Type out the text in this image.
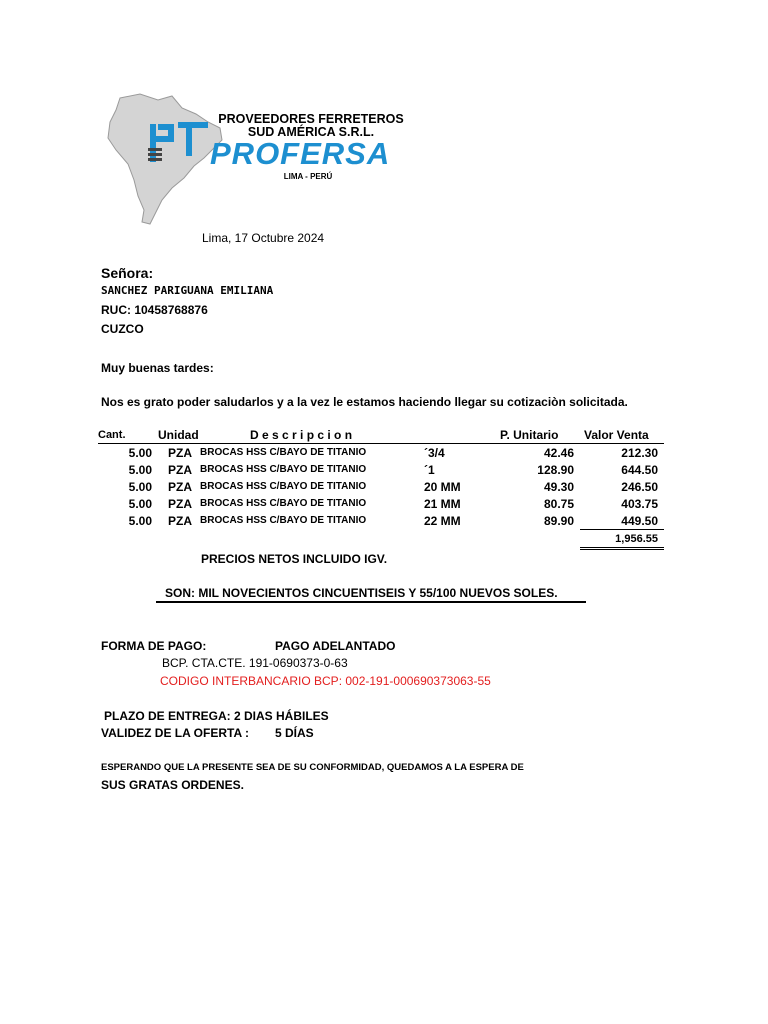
PROVEEDORES FERRETEROS
SUD AMÉRICA S.R.L.
PROFERSA
LIMA - PERÚ
Lima, 17 Octubre 2024
Señora:
SANCHEZ PARIGUANA EMILIANA
RUC: 10458768876
CUZCO
Muy buenas tardes:
Nos es grato poder saludarlos y a la vez le estamos haciendo llegar su cotizaciòn solicitada.
Cant.	Unidad	D e s c r i p c i o n		P. Unitario	Valor Venta
5.00	PZA	BROCAS HSS C/BAYO DE TITANIO	´3/4	42.46	212.30
5.00	PZA	BROCAS HSS C/BAYO DE TITANIO	´1	128.90	644.50
5.00	PZA	BROCAS HSS C/BAYO DE TITANIO	20 MM	49.30	246.50
5.00	PZA	BROCAS HSS C/BAYO DE TITANIO	21 MM	80.75	403.75
5.00	PZA	BROCAS HSS C/BAYO DE TITANIO	22 MM	89.90	449.50
					1,956.55
PRECIOS NETOS INCLUIDO IGV.
SON: MIL NOVECIENTOS CINCUENTISEIS Y 55/100 NUEVOS SOLES.
FORMA DE PAGO:	PAGO ADELANTADO
BCP. CTA.CTE. 191-0690373-0-63
CODIGO INTERBANCARIO BCP: 002-191-000690373063-55
PLAZO DE ENTREGA: 2 DIAS HÁBILES
VALIDEZ DE LA OFERTA : 5 DÍAS
ESPERANDO QUE LA PRESENTE SEA DE SU CONFORMIDAD, QUEDAMOS A LA ESPERA DE
SUS GRATAS ORDENES.
